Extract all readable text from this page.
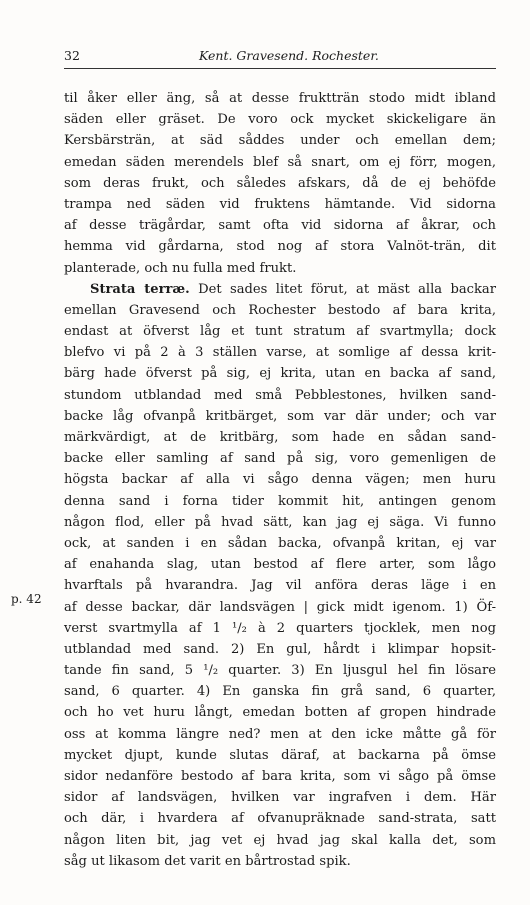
32	Kent. Gravesend. Rochester.
p. 42
til åker eller äng, så at desse fruktträn stodo midt ibland
säden eller gräset. De voro ock mycket skickeligare än
Kersbärsträn, at säd såddes under och emellan dem;
emedan säden merendels blef så snart, om ej förr, mogen,
som deras frukt, och således afskars, då de ej behöfde
trampa ned säden vid fruktens hämtande. Vid sidorna
af desse trägårdar, samt ofta vid sidorna af åkrar, och
hemma vid gårdarna, stod nog af stora Valnöt-trän, dit
planterade, och nu fulla med frukt.
Strata terræ. Det sades litet förut, at mäst alla backar
emellan Gravesend och Rochester bestodo af bara krita,
endast at öfverst låg et tunt stratum af svartmylla; dock
blefvo vi på 2 à 3 ställen varse, at somlige af dessa krit-
bärg hade öfverst på sig, ej krita, utan en backa af sand,
stundom utblandad med små Pebblestones, hvilken sand-
backe låg ofvanpå kritbärget, som var där under; och var
märkvärdigt, at de kritbärg, som hade en sådan sand-
backe eller samling af sand på sig, voro gemenligen de
högsta backar af alla vi sågo denna vägen; men huru
denna sand i forna tider kommit hit, antingen genom
någon flod, eller på hvad sätt, kan jag ej säga. Vi funno
ock, at sanden i en sådan backa, ofvanpå kritan, ej var
af enahanda slag, utan bestod af flere arter, som lågo
hvarftals på hvarandra. Jag vil anföra deras läge i en
af desse backar, där landsvägen | gick midt igenom. 1) Öf-
verst svartmylla af 1 ¹/₂ à 2 quarters tjocklek, men nog
utblandad med sand. 2) En gul, hårdt i klimpar hopsit-
tande fin sand, 5 ¹/₂ quarter. 3) En ljusgul hel fin lösare
sand, 6 quarter. 4) En ganska fin grå sand, 6 quarter,
och ho vet huru långt, emedan botten af gropen hindrade
oss at komma längre ned? men at den icke måtte gå för
mycket djupt, kunde slutas däraf, at backarna på ömse
sidor nedanföre bestodo af bara krita, som vi sågo på ömse
sidor af landsvägen, hvilken var ingrafven i dem. Här
och där, i hvardera af ofvanupräknade sand-strata, satt
någon liten bit, jag vet ej hvad jag skal kalla det, som
såg ut likasom det varit en bårtrostad spik.
